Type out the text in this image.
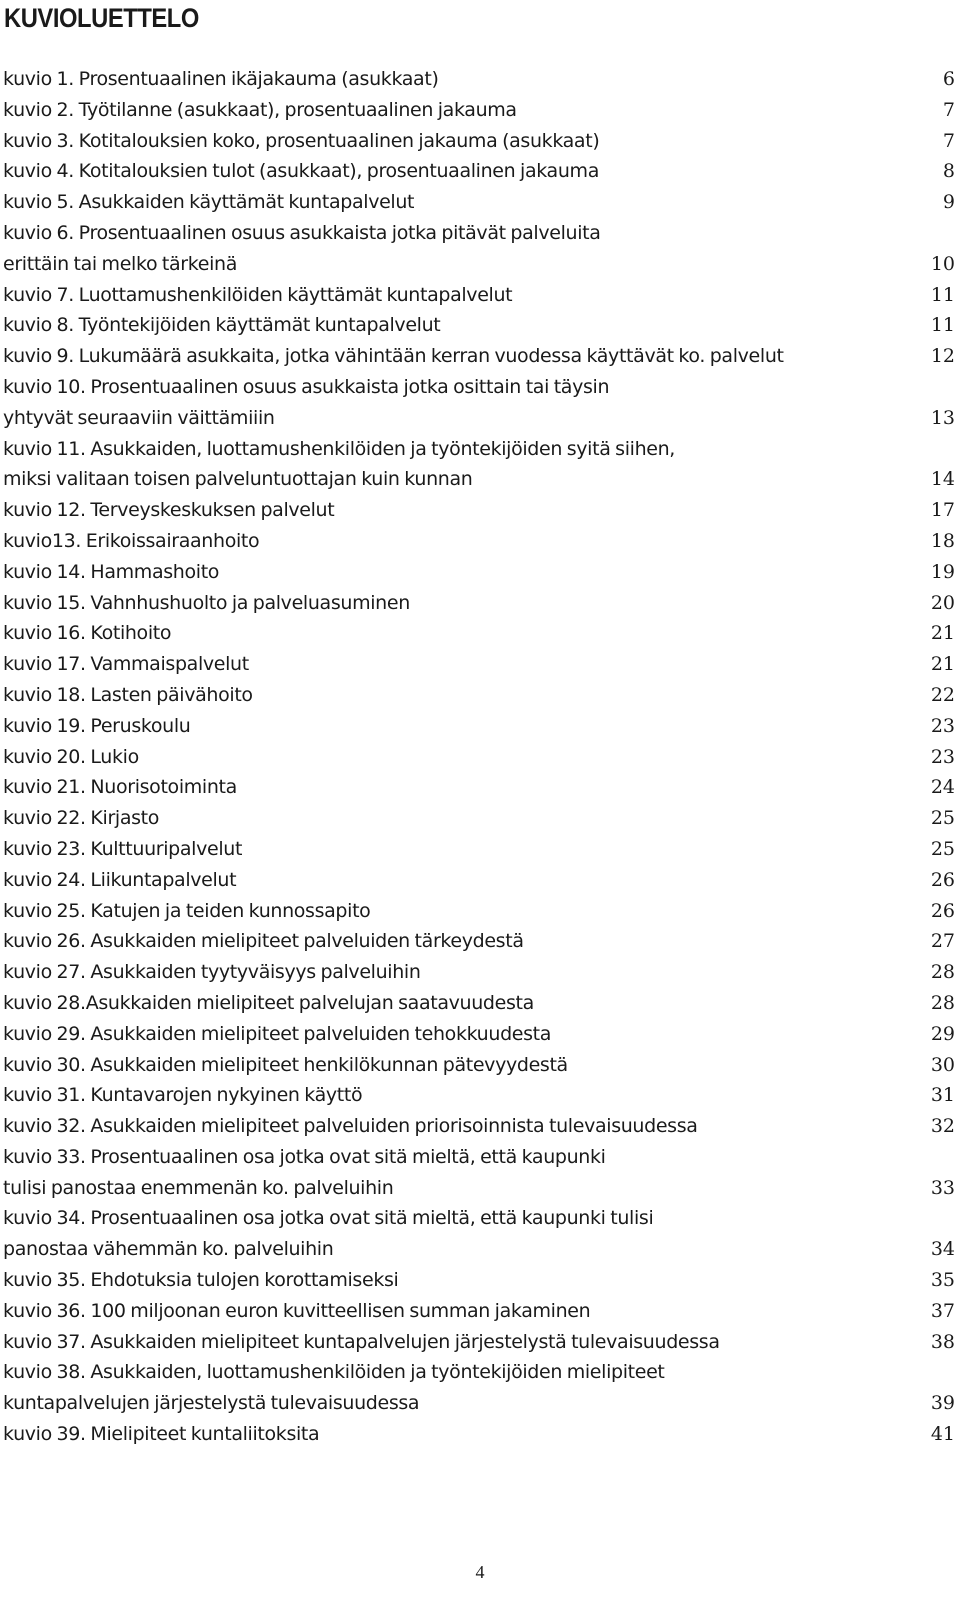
KUVIOLUETTELO
kuvio 1. Prosentuaalinen ikäjakauma (asukkaat)	6
kuvio 2. Työtilanne (asukkaat), prosentuaalinen jakauma	7
kuvio 3. Kotitalouksien koko, prosentuaalinen jakauma (asukkaat)	7
kuvio 4. Kotitalouksien tulot (asukkaat), prosentuaalinen jakauma	8
kuvio 5. Asukkaiden käyttämät kuntapalvelut	9
kuvio 6. Prosentuaalinen osuus asukkaista jotka pitävät palveluita
erittäin tai melko tärkeinä	10
kuvio 7. Luottamushenkilöiden käyttämät kuntapalvelut	11
kuvio 8. Työntekijöiden käyttämät kuntapalvelut	11
kuvio 9. Lukumäärä asukkaita, jotka vähintään kerran vuodessa käyttävät ko. palvelut	12
kuvio 10. Prosentuaalinen osuus asukkaista jotka osittain tai täysin
yhtyvät seuraaviin väittämiiin	13
kuvio 11. Asukkaiden, luottamushenkilöiden ja työntekijöiden syitä siihen,
miksi valitaan toisen palveluntuottajan kuin kunnan	14
kuvio 12. Terveyskeskuksen palvelut	17
kuvio13. Erikoissairaanhoito	18
kuvio 14. Hammashoito	19
kuvio 15. Vahnhushuolto ja palveluasuminen	20
kuvio 16. Kotihoito	21
kuvio 17. Vammaispalvelut	21
kuvio 18. Lasten päivähoito	22
kuvio 19. Peruskoulu	23
kuvio 20. Lukio	23
kuvio 21. Nuorisotoiminta	24
kuvio 22. Kirjasto	25
kuvio 23. Kulttuuripalvelut	25
kuvio 24. Liikuntapalvelut	26
kuvio 25. Katujen ja teiden kunnossapito	26
kuvio 26. Asukkaiden mielipiteet palveluiden tärkeydestä	27
kuvio 27. Asukkaiden tyytyväisyys palveluihin	28
kuvio 28.Asukkaiden mielipiteet palvelujan saatavuudesta	28
kuvio 29. Asukkaiden mielipiteet palveluiden tehokkuudesta	29
kuvio 30. Asukkaiden mielipiteet henkilökunnan pätevyydestä	30
kuvio 31. Kuntavarojen nykyinen käyttö	31
kuvio 32. Asukkaiden mielipiteet palveluiden priorisoinnista tulevaisuudessa	32
kuvio 33. Prosentuaalinen osa jotka ovat sitä mieltä, että kaupunki
tulisi panostaa enemmenän ko. palveluihin	33
kuvio 34. Prosentuaalinen osa jotka ovat sitä mieltä, että kaupunki tulisi
panostaa vähemmän ko. palveluihin	34
kuvio 35. Ehdotuksia tulojen korottamiseksi	35
kuvio 36. 100 miljoonan euron kuvitteellisen summan jakaminen	37
kuvio 37. Asukkaiden mielipiteet kuntapalvelujen järjestelystä tulevaisuudessa	38
kuvio 38. Asukkaiden, luottamushenkilöiden ja työntekijöiden mielipiteet
kuntapalvelujen järjestelystä tulevaisuudessa	39
kuvio 39. Mielipiteet kuntaliitoksita	41
4
